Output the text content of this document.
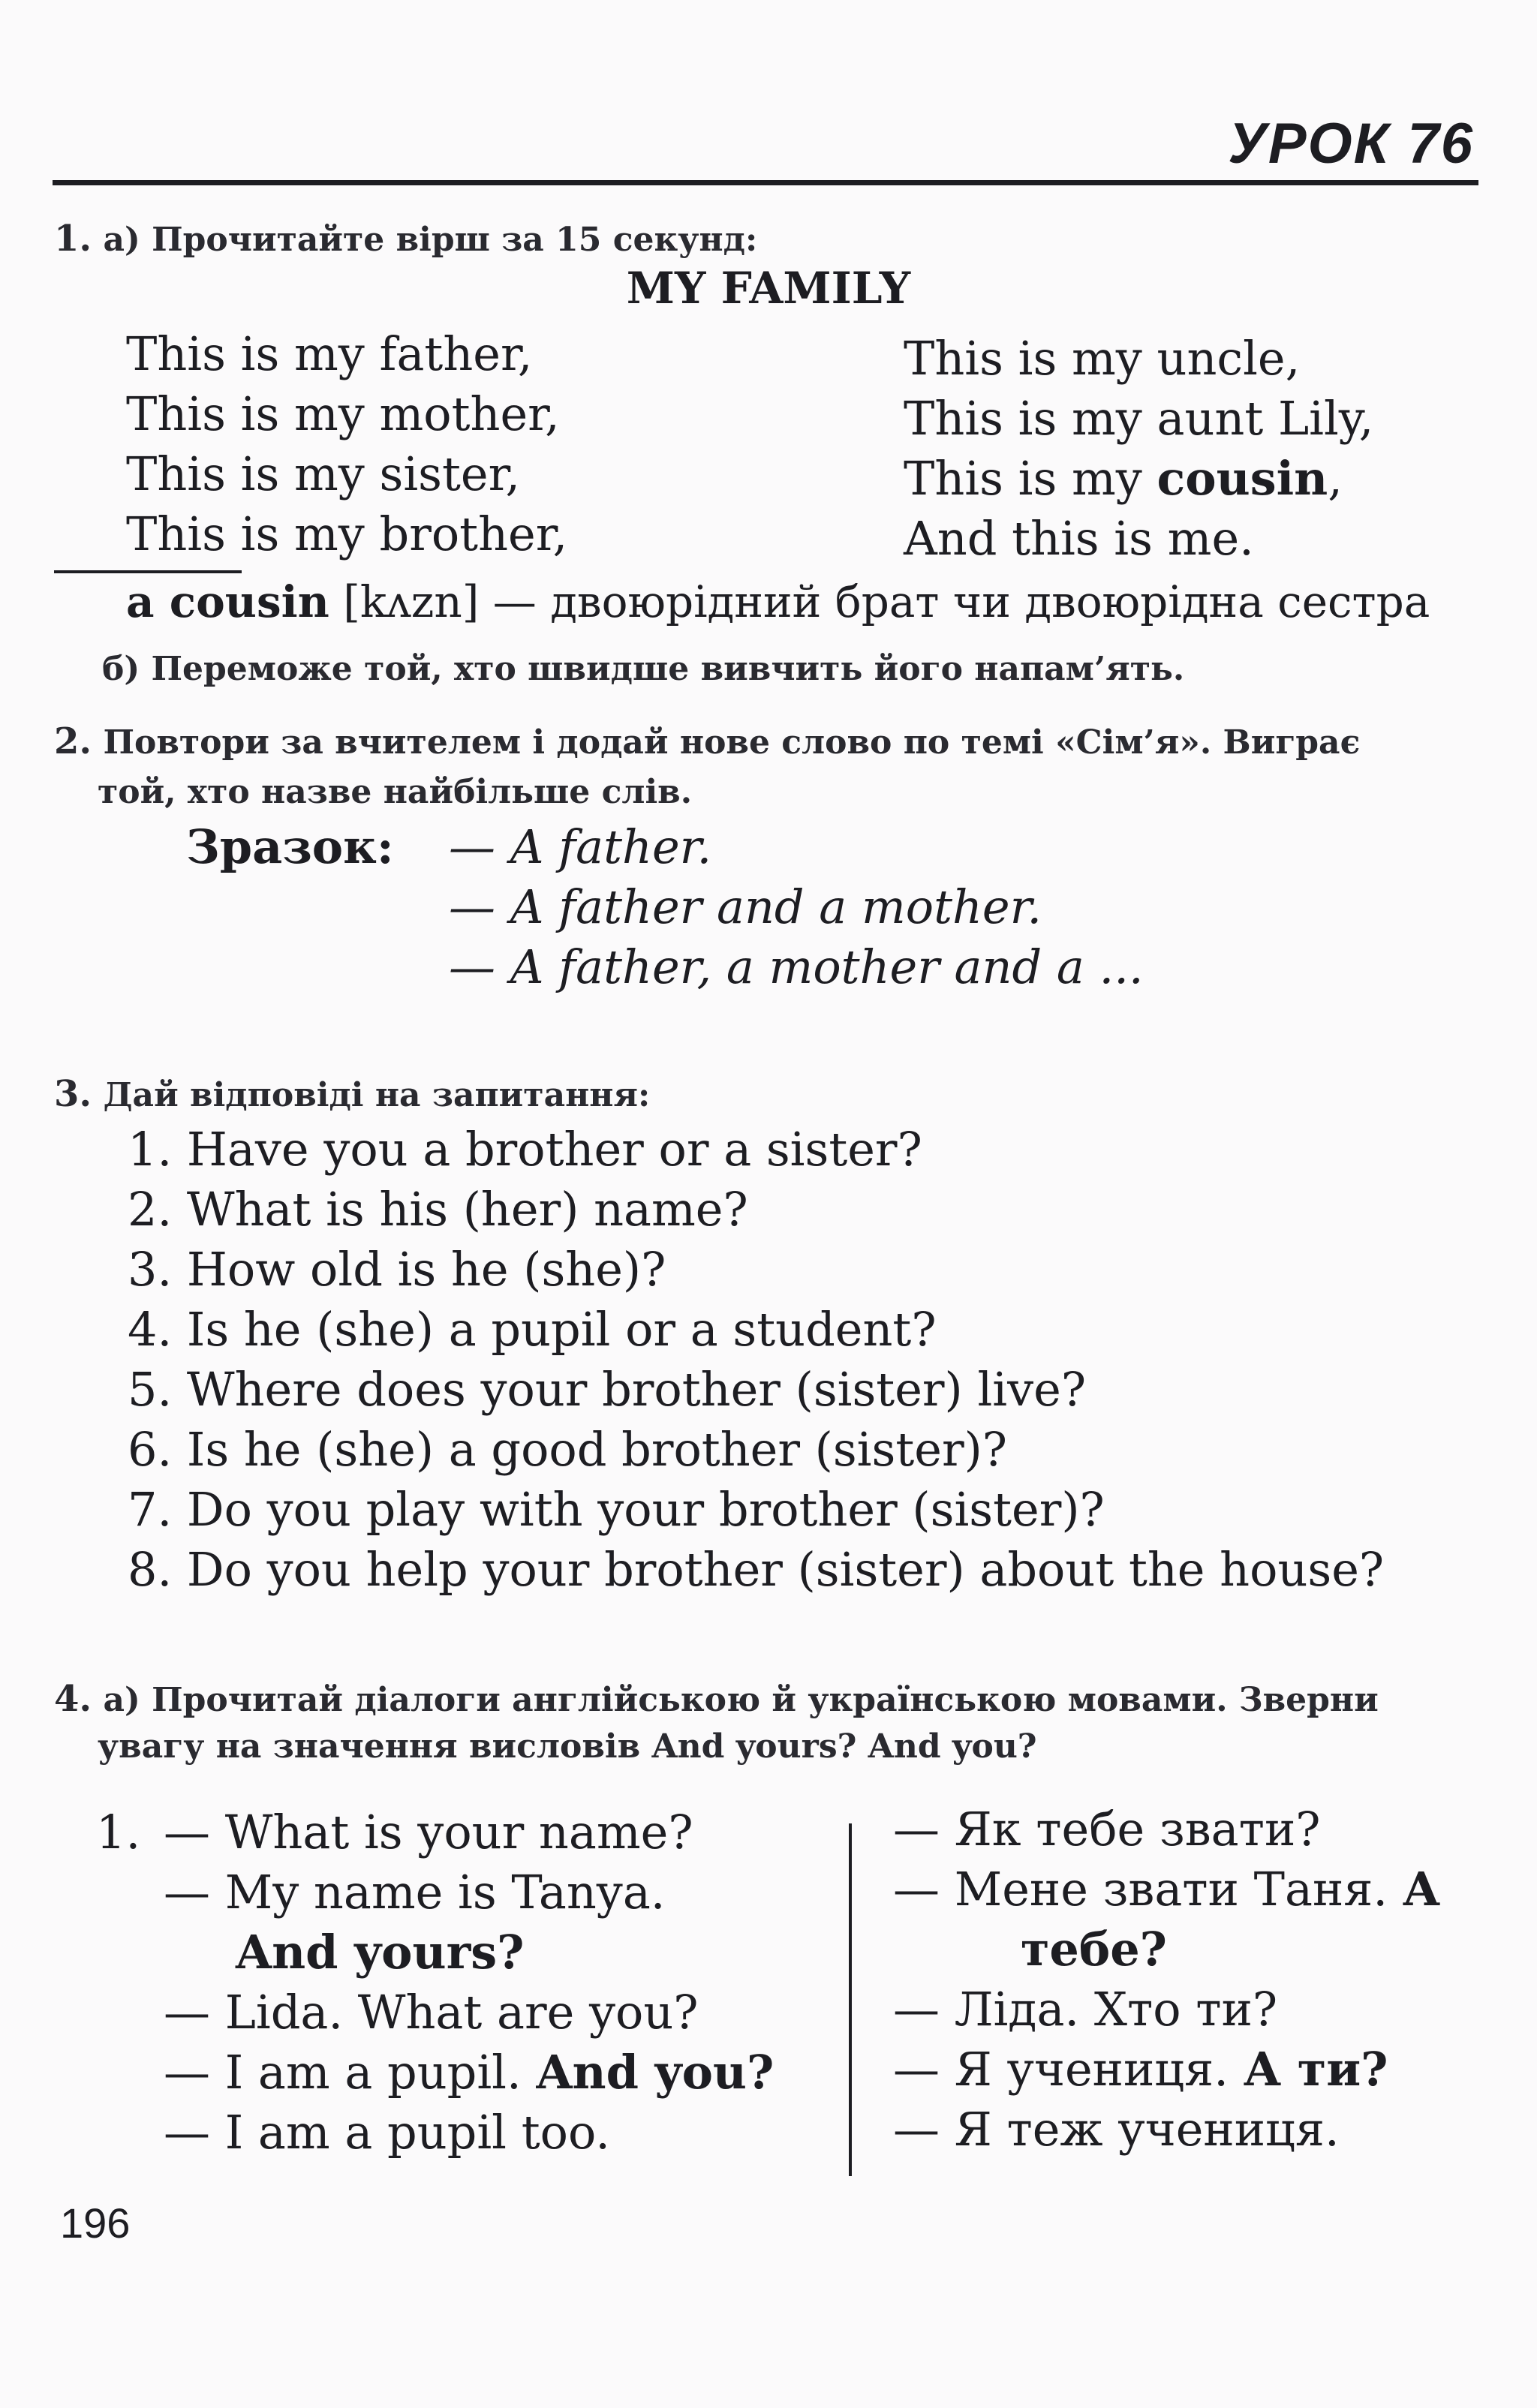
УРОК 76
1. а) Прочитайте вірш за 15 секунд:
MY FAMILY
This is my father,
This is my mother,
This is my sister,
This is my brother,
This is my uncle,
This is my aunt Lily,
This is my cousin,
And this is me.
a cousin [kʌzn] — двоюрідний брат чи двоюрідна сестра
б) Переможе той, хто швидше вивчить його напам’ять.
2. Повтори за вчителем і додай нове слово по темі «Сім’я». Виграє
той, хто назве найбільше слів.
Зразок: — A father.
— A father and a mother.
— A father, a mother and a ...
3. Дай відповіді на запитання:
1. Have you a brother or a sister?
2. What is his (her) name?
3. How old is he (she)?
4. Is he (she) a pupil or a student?
5. Where does your brother (sister) live?
6. Is he (she) a good brother (sister)?
7. Do you play with your brother (sister)?
8. Do you help your brother (sister) about the house?
4. а) Прочитай діалоги англійською й українською мовами. Зверни
увагу на значення висловів And yours? And you?
1. — What is your name?
— My name is Tanya.
And yours?
— Lida. What are you?
— I am a pupil. And you?
— I am a pupil too.
— Як тебе звати?
— Мене звати Таня. А
тебе?
— Ліда. Хто ти?
— Я учениця. А ти?
— Я теж учениця.
196
